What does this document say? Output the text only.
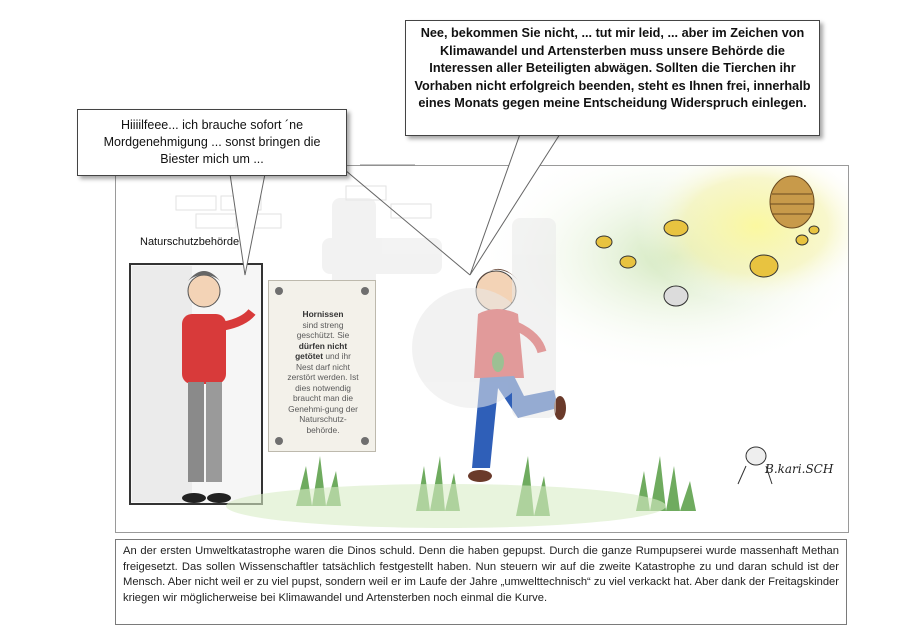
Naturschutzbehörde
Hornissen
sind streng geschützt. Sie dürfen nicht getötet und ihr Nest darf nicht zerstört werden. Ist dies notwendig braucht man die Genehmi-gung der Naturschutz-behörde.
Hiiiilfeee... ich brauche sofort ´ne Mordgenehmigung ... sonst bringen die Biester mich um ...
Nee, bekommen Sie nicht, ... tut mir leid, ... aber im Zeichen von Klimawandel und Artensterben muss unsere Behörde die Interessen aller Beteiligten abwägen. Sollten die Tierchen ihr Vorhaben nicht erfolgreich beenden, steht es Ihnen frei, innerhalb eines Monats gegen meine Entscheidung Widerspruch einlegen.
B.kari.SCH
An der ersten Umweltkatastrophe waren die Dinos schuld. Denn die haben gepupst. Durch die ganze Rumpupserei wurde massenhaft Methan freigesetzt. Das sollen Wissenschaftler tatsächlich festgestellt haben. Nun steuern wir auf die zweite Katastrophe zu und daran schuld ist der Mensch. Aber nicht weil er zu viel pupst, sondern weil er im Laufe der Jahre „umwelttechnisch“ zu viel verkackt hat. Aber dank der Freitagskinder kriegen wir möglicherweise bei Klimawandel und Artensterben noch einmal die Kurve.
